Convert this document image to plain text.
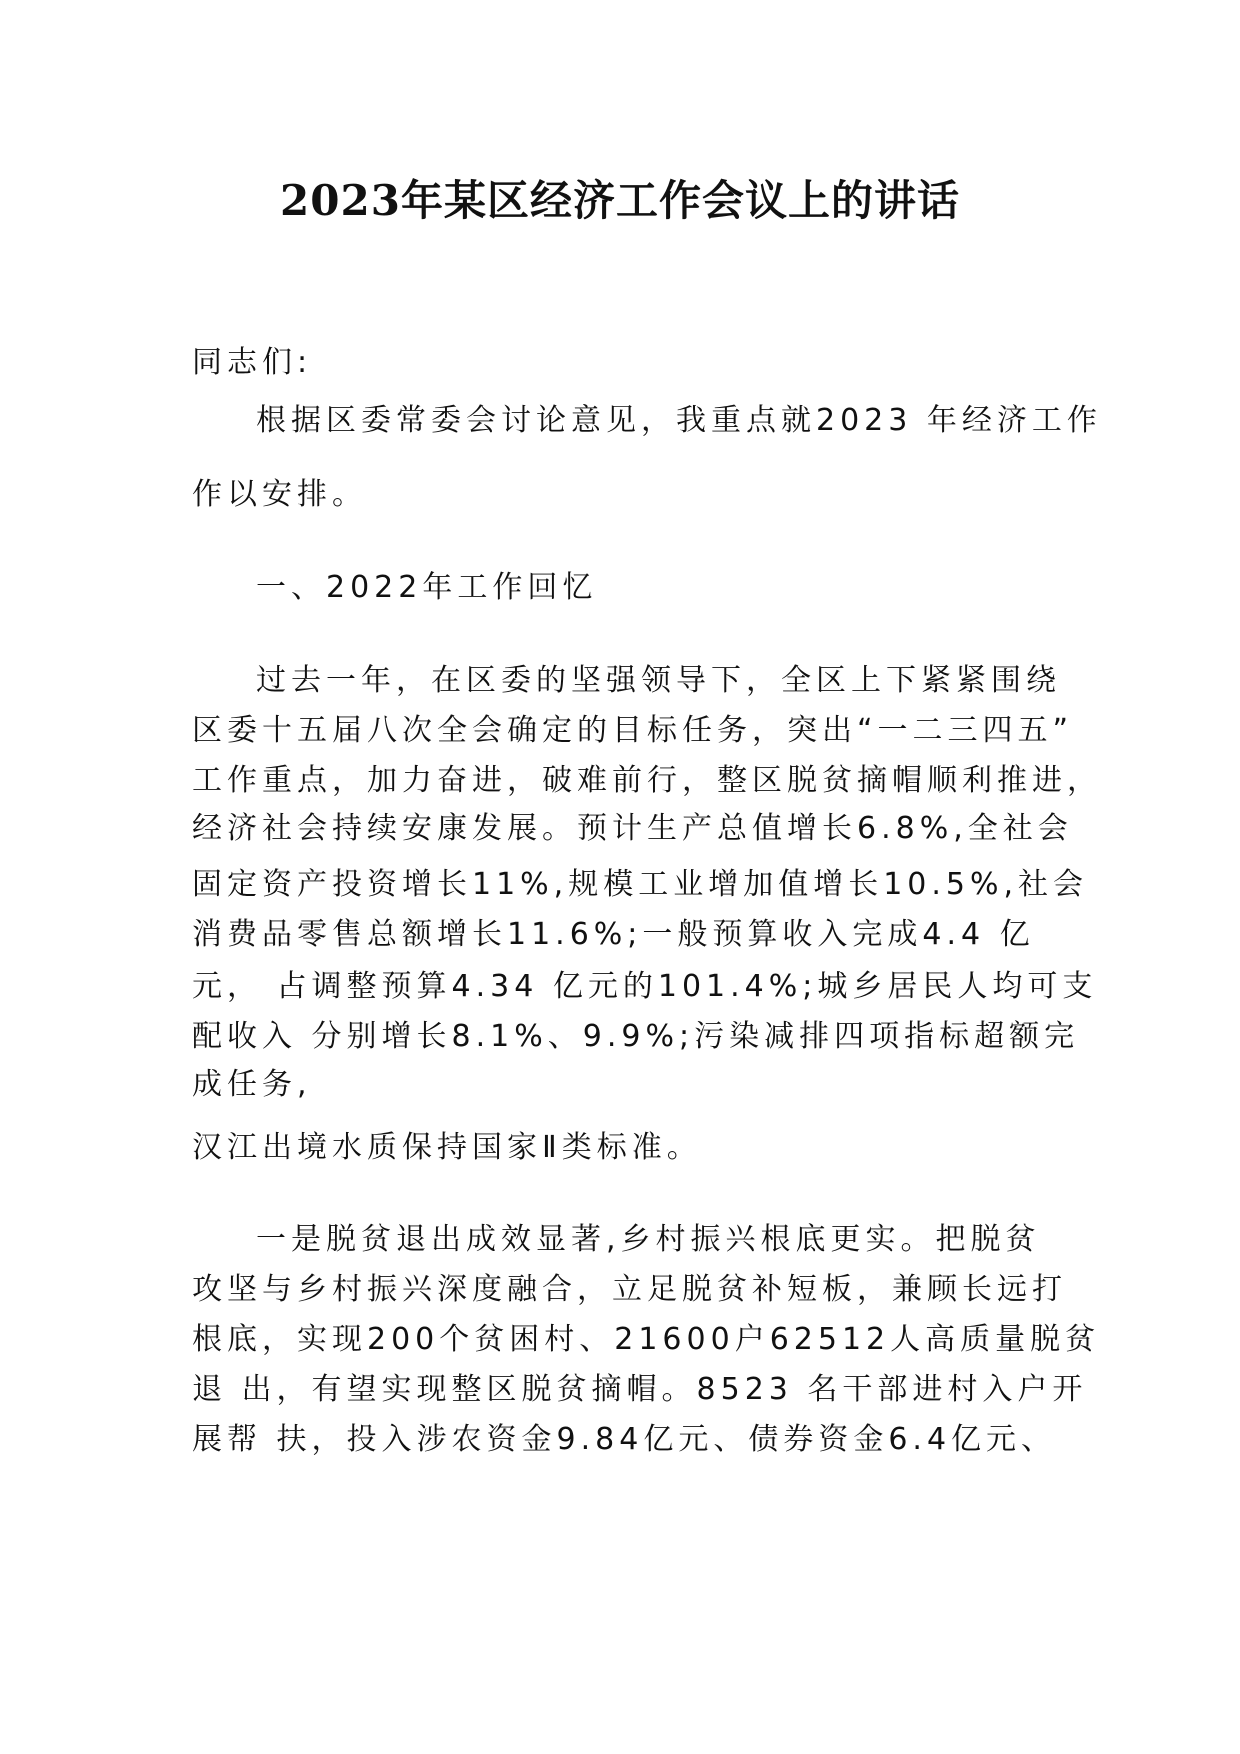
2023年某区经济工作会议上的讲话
同志们:
根据区委常委会讨论意见，我重点就2023 年经济工作
作以安排。
一、2022年工作回忆
过去一年，在区委的坚强领导下，全区上下紧紧围绕
区委十五届八次全会确定的目标任务，突出“一二三四五”
工作重点，加力奋进，破难前行，整区脱贫摘帽顺利推进，
经济社会持续安康发展。预计生产总值增长6.8%,全社会
固定资产投资增长11%,规模工业增加值增长10.5%,社会
消费品零售总额增长11.6%;一般预算收入完成4.4 亿
元， 占调整预算4.34 亿元的101.4%;城乡居民人均可支
配收入 分别增长8.1%、9.9%;污染减排四项指标超额完
成任务,
汉江出境水质保持国家Ⅱ类标准。
一是脱贫退出成效显著,乡村振兴根底更实。把脱贫
攻坚与乡村振兴深度融合，立足脱贫补短板，兼顾长远打
根底，实现200个贫困村、21600户62512人高质量脱贫
退 出，有望实现整区脱贫摘帽。8523 名干部进村入户开
展帮 扶，投入涉农资金9.84亿元、债券资金6.4亿元、
